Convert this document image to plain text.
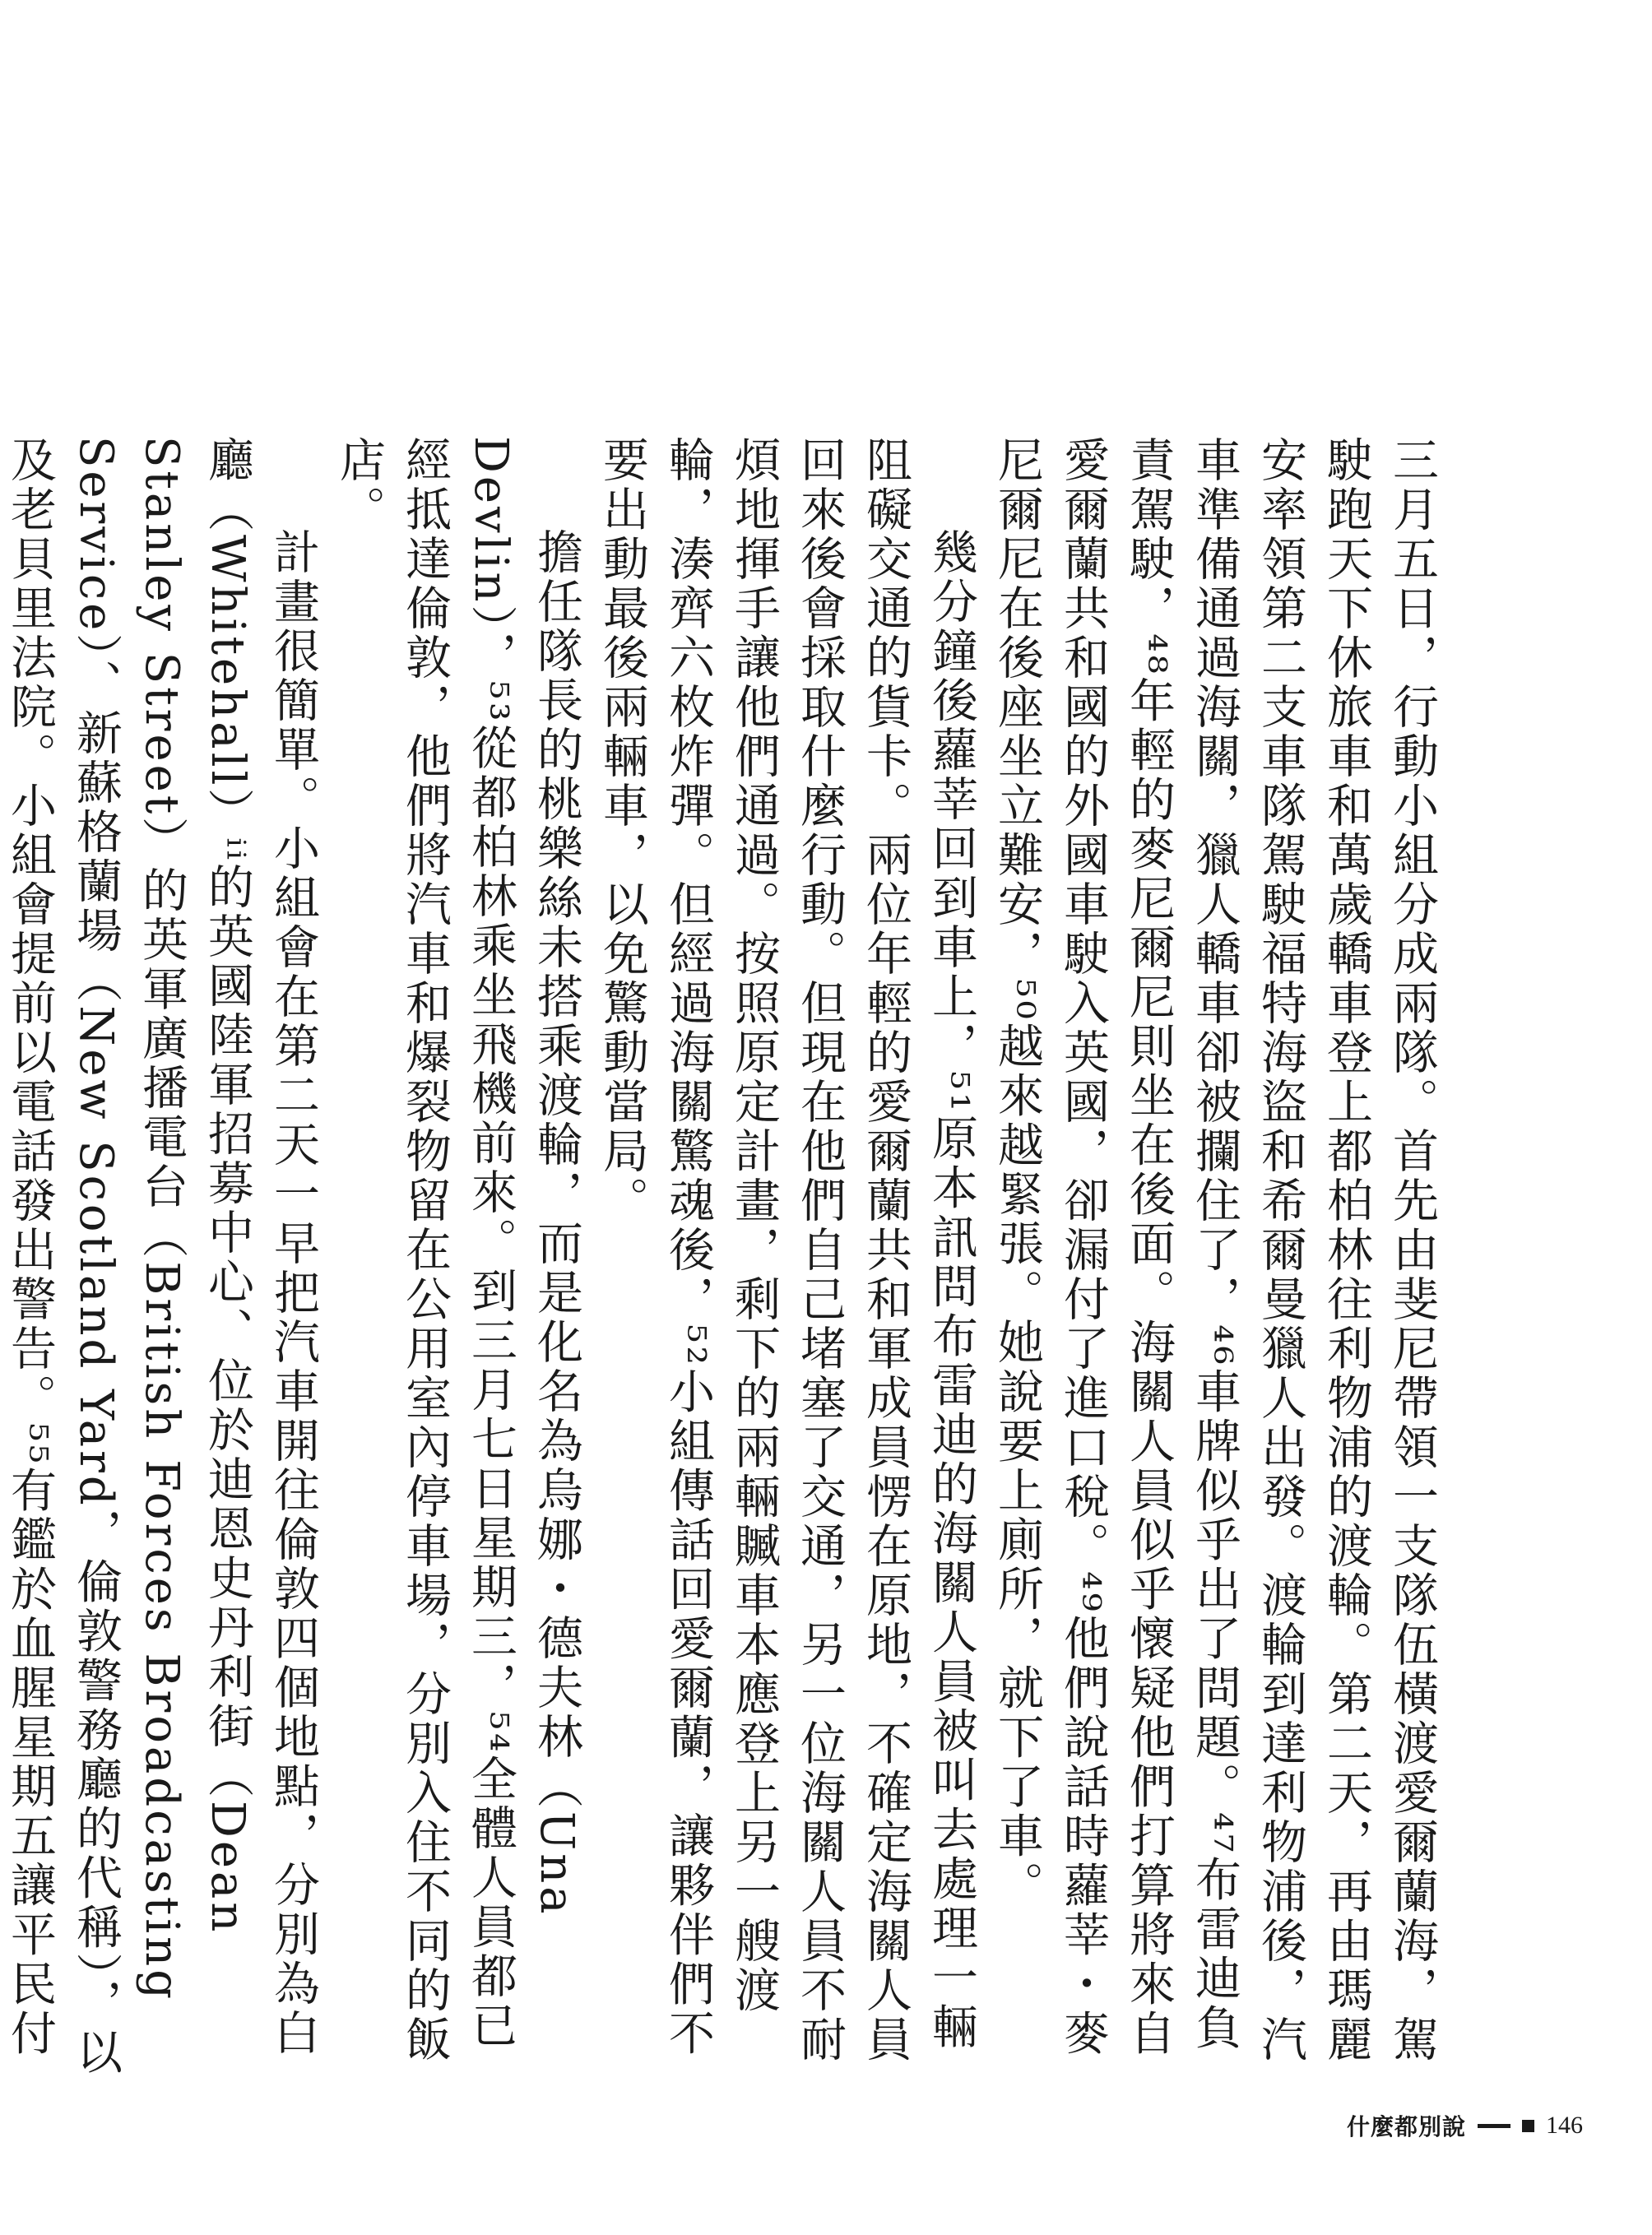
三月五日，行動小組分成兩隊。首先由斐尼帶領一支隊伍橫渡愛爾蘭海，駕駛跑天下休旅車和萬歲轎車登上都柏林往利物浦的渡輪。第二天，再由瑪麗安率領第二支車隊駕駛福特海盜和希爾曼獵人出發。渡輪到達利物浦後，汽車準備通過海關，獵人轎車卻被攔住了，⁴⁶車牌似乎出了問題。⁴⁷布雷迪負責駕駛，⁴⁸年輕的麥尼爾尼則坐在後面。海關人員似乎懷疑他們打算將來自愛爾蘭共和國的外國車駛入英國，卻漏付了進口稅。⁴⁹他們說話時蘿莘・麥尼爾尼在後座坐立難安，⁵⁰越來越緊張。她說要上廁所，就下了車。

幾分鐘後蘿莘回到車上，⁵¹原本訊問布雷迪的海關人員被叫去處理一輛阻礙交通的貨卡。兩位年輕的愛爾蘭共和軍成員愣在原地，不確定海關人員回來後會採取什麼行動。但現在他們自己堵塞了交通，另一位海關人員不耐煩地揮手讓他們通過。按照原定計畫，剩下的兩輛贓車本應登上另一艘渡輪，湊齊六枚炸彈。但經過海關驚魂後，⁵²小組傳話回愛爾蘭，讓夥伴們不要出動最後兩輛車，以免驚動當局。

擔任隊長的桃樂絲未搭乘渡輪，而是化名為烏娜・德夫林（Una Devlin），⁵³從都柏林乘坐飛機前來。到三月七日星期三，⁵⁴全體人員都已經抵達倫敦，他們將汽車和爆裂物留在公用室內停車場，分別入住不同的飯店。

計畫很簡單。小組會在第二天一早把汽車開往倫敦四個地點，分別為白廳（Whitehall）ⁱⁱ的英國陸軍招募中心、位於迪恩史丹利街（Dean Stanley Street）的英軍廣播電台（British Forces Broadcasting Service）、新蘇格蘭場（New Scotland Yard，倫敦警務廳的代稱），以及老貝里法院。小組會提前以電話發出警告。⁵⁵有鑑於血腥星期五讓平民付

什麼都別說	146
